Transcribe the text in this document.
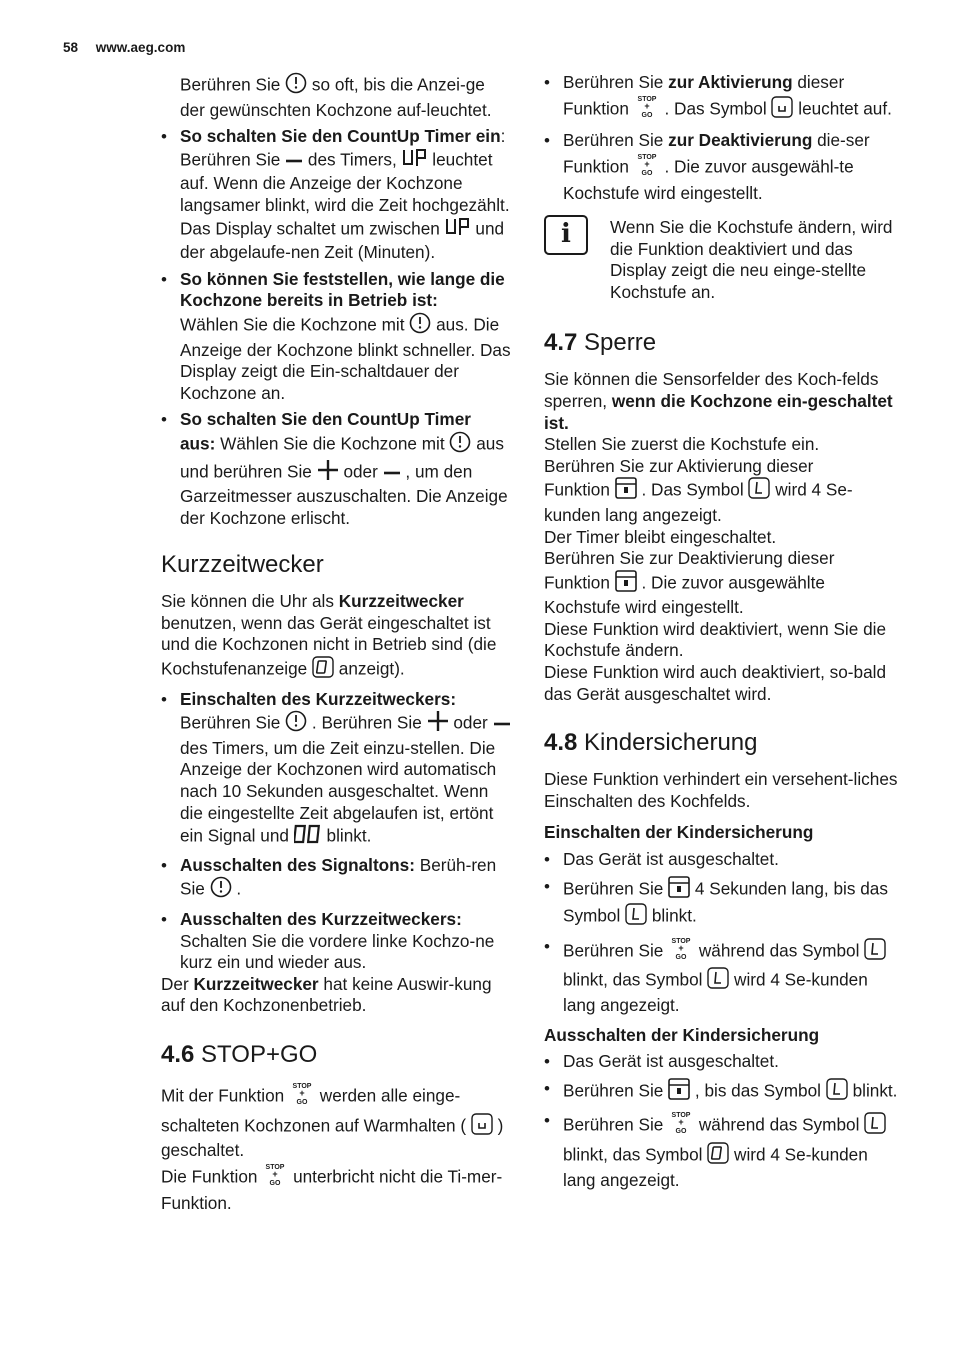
58 www.aeg.com

Berühren Sie so oft, bis die Anzei-ge der gewünschten Kochzone auf-leuchtet.

• So schalten Sie den CountUp Timer ein: Berühren Sie des Timers, leuchtet auf. Wenn die Anzeige der Kochzone langsamer blinkt, wird die Zeit hochgezählt. Das Display schaltet um zwischen und der abgelaufe-nen Zeit (Minuten).
• So können Sie feststellen, wie lange die Kochzone bereits in Betrieb ist:
Wählen Sie die Kochzone mit aus. Die Anzeige der Kochzone blinkt schneller. Das Display zeigt die Ein-schaltdauer der Kochzone an.
• So schalten Sie den CountUp Timer aus: Wählen Sie die Kochzone mit aus und berühren Sie oder , um den Garzeitmesser auszuschalten. Die Anzeige der Kochzone erlischt.
Kurzzeitwecker

Sie können die Uhr als Kurzzeitwecker benutzen, wenn das Gerät eingeschaltet ist und die Kochzonen nicht in Betrieb sind (die Kochstufenanzeige anzeigt).

• Einschalten des Kurzzeitweckers:
Berühren Sie . Berühren Sie oder  des Timers, um die Zeit einzu-stellen. Die Anzeige der Kochzonen wird automatisch nach 10 Sekunden ausgeschaltet. Wenn die eingestellte Zeit abgelaufen ist, ertönt ein Signal und blinkt.
• Ausschalten des Signaltons: Berüh-ren Sie .
• Ausschalten des Kurzzeitweckers:
Schalten Sie die vordere linke Kochzo-ne kurz ein und wieder aus.

Der Kurzzeitwecker hat keine Auswir-kung auf den Kochzonenbetrieb.

4.6 STOP+GO

Mit der Funktion STOP
+
GO werden alle einge-schalteten Kochzonen auf Warmhalten ( ) geschaltet.

Die Funktion STOP
+
GO unterbricht nicht die Ti-mer-Funktion.

• Berühren Sie zur Aktivierung dieser Funktion STOP
+
GO . Das Symbol leuchtet auf.
• Berühren Sie zur Deaktivierung die-ser Funktion STOP
+
GO . Die zuvor ausgewähl-te Kochstufe wird eingestellt.
i	Wenn Sie die Kochstufe ändern, wird die Funktion deaktiviert und das Display zeigt die neu einge-stellte Kochstufe an.

4.7 Sperre

Sie können die Sensorfelder des Koch-felds sperren, wenn die Kochzone ein-geschaltet ist.

Stellen Sie zuerst die Kochstufe ein.

Berühren Sie zur Aktivierung dieser

Funktion . Das Symbol wird 4 Se-kunden lang angezeigt.

Der Timer bleibt eingeschaltet.

Berühren Sie zur Deaktivierung dieser

Funktion . Die zuvor ausgewählte Kochstufe wird eingestellt.

Diese Funktion wird deaktiviert, wenn Sie die Kochstufe ändern.

Diese Funktion wird auch deaktiviert, so-bald das Gerät ausgeschaltet wird.

4.8 Kindersicherung

Diese Funktion verhindert ein versehent-liches Einschalten des Kochfelds.

Einschalten der Kindersicherung
• Das Gerät ist ausgeschaltet.
• Berühren Sie 4 Sekunden lang, bis das Symbol blinkt.
• Berühren Sie STOP
+
GO während das Symbol  blinkt, das Symbol wird 4 Se-kunden lang angezeigt.
Ausschalten der Kindersicherung
• Das Gerät ist ausgeschaltet.
• Berühren Sie , bis das Symbol blinkt.
• Berühren Sie STOP
+
GO während das Symbol  blinkt, das Symbol wird 4 Se-kunden lang angezeigt.
